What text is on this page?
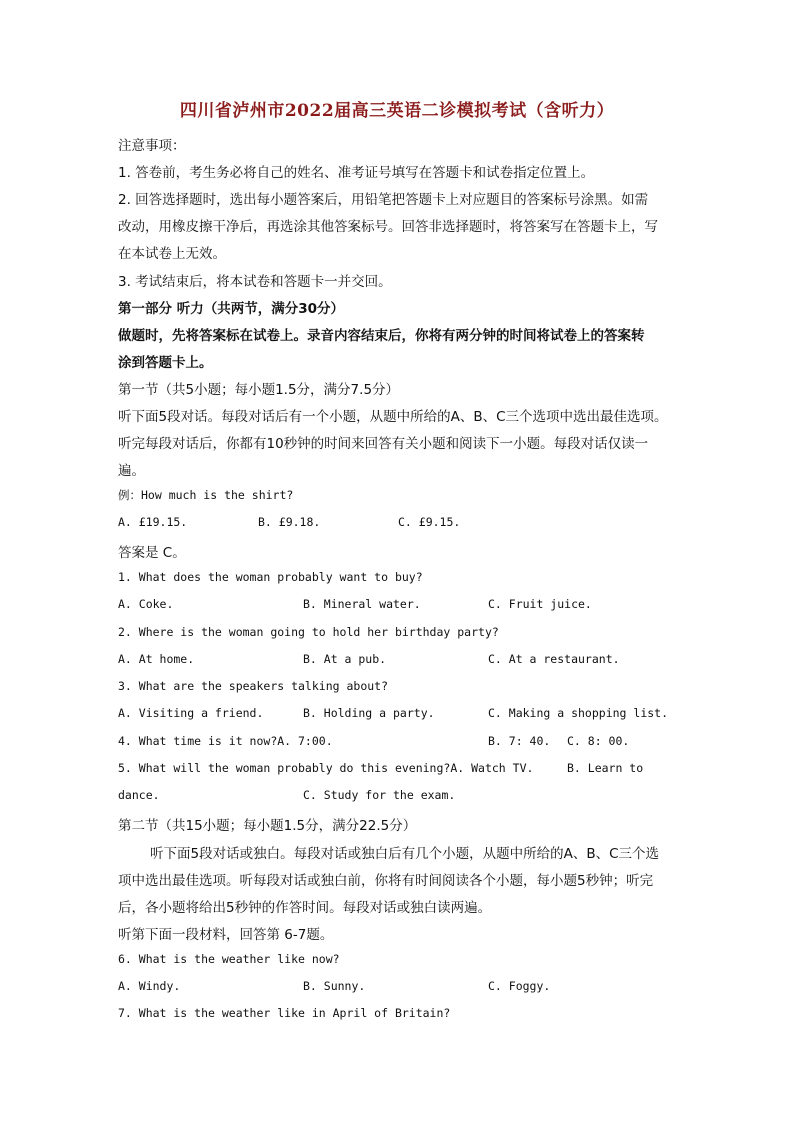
四川省泸州市2022届高三英语二诊模拟考试（含听力）
注意事项：
1. 答卷前，考生务必将自己的姓名、准考证号填写在答题卡和试卷指定位置上。
2. 回答选择题时，选出每小题答案后，用铅笔把答题卡上对应题目的答案标号涂黑。如需
改动，用橡皮擦干净后，再选涂其他答案标号。回答非选择题时，将答案写在答题卡上，写
在本试卷上无效。
3. 考试结束后，将本试卷和答题卡一并交回。
第一部分 听力（共两节，满分30分）
做题时，先将答案标在试卷上。录音内容结束后，你将有两分钟的时间将试卷上的答案转
涂到答题卡上。
第一节（共5小题；每小题1.5分，满分7.5分）
听下面5段对话。每段对话后有一个小题，从题中所给的A、B、C三个选项中选出最佳选项。
听完每段对话后，你都有10秒钟的时间来回答有关小题和阅读下一小题。每段对话仅读一
遍。
例：How much is the shirt?
A. £19.15.	B. £9.18.	C. £9.15.
答案是 C。
1. What does the woman probably want to buy?
A. Coke.	B. Mineral water.	C. Fruit juice.
2. Where is the woman going to hold her birthday party?
A. At home.	B. At a pub.	C. At a restaurant.
3. What are the speakers talking about?
A. Visiting a friend.	B. Holding a party.	C. Making a shopping list.
4. What time is it now?A. 7:00.	B. 7: 40. C. 8: 00.
5. What will the woman probably do this evening?A. Watch TV.	B. Learn to
dance.	C. Study for the exam.
第二节（共15小题；每小题1.5分，满分22.5分）
听下面5段对话或独白。每段对话或独白后有几个小题，从题中所给的A、B、C三个选
项中选出最佳选项。听每段对话或独白前，你将有时间阅读各个小题，每小题5秒钟；听完
后，各小题将给出5秒钟的作答时间。每段对话或独白读两遍。
听第下面一段材料，回答第 6-7题。
6. What is the weather like now?
A. Windy.	B. Sunny.	C. Foggy.
7. What is the weather like in April of Britain?
